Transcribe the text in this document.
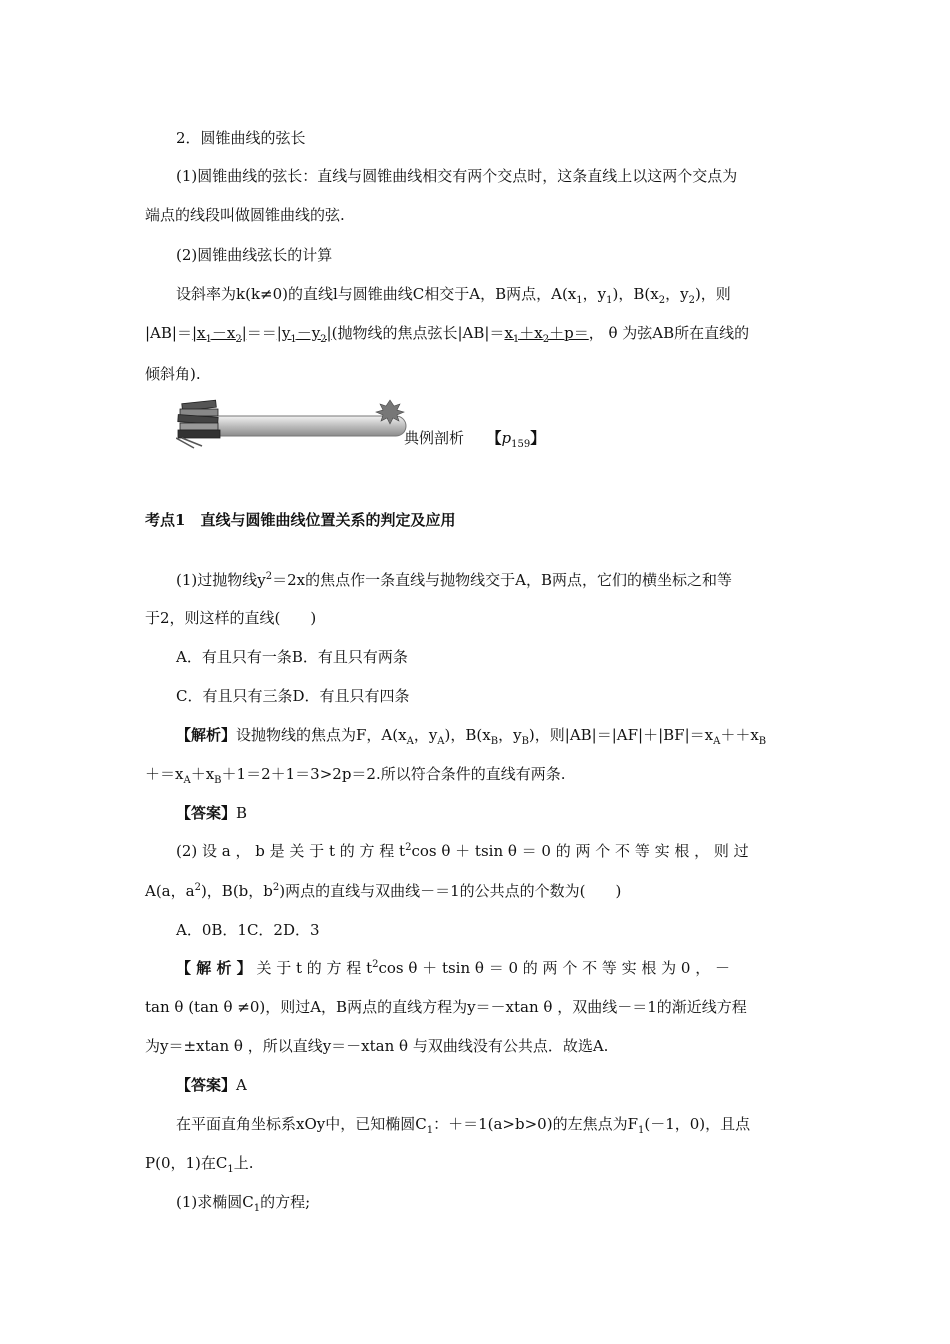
2．圆锥曲线的弦长
(1)圆锥曲线的弦长：直线与圆锥曲线相交有两个交点时，这条直线上以这两个交点为
端点的线段叫做圆锥曲线的弦.
(2)圆锥曲线弦长的计算
设斜率为k(k≠0)的直线l与圆锥曲线C相交于A，B两点，$A(x_1$，$y_1$)，$B(x_2$，$y_2$)，则
$|AB|=|x_1-x_2|==|y_1-y_2|$(抛物线的焦点弦长$|AB|=x_1+x_2+p=$， θ 为弦AB所在直线的
倾斜角).
典例剖析　　 【$p_{159}$】
考点1　 直线与圆锥曲线位置关系的判定及应用
(1)过抛物线$y^2=2x$的焦点作一条直线与抛物线交于A，B两点，它们的横坐标之和等
于2，则这样的直线(　　)
A．有且只有一条B．有且只有两条
C．有且只有三条D．有且只有四条
【解析】设抛物线的焦点为F，$A(x_A$，$y_A$)，$B(x_B$，$y_B$)，则$|AB|=|AF|+|BF|=x_A++x_B$
$+=x_A+x_B+1=2+1=3>2p=2$.所以符合条件的直线有两条.
【答案】B
(2) 设 a ， b 是 关 于 t 的 方 程 $t^2\cos$ θ ＋ tsin θ ＝ 0 的 两 个 不 等 实 根 ， 则 过
A(a，$a^2$)，B(b，$b^2$)两点的直线与双曲线－＝1的公共点的个数为(　　)
A．0B．1C．2D．3
【 解 析 】 关 于 t 的 方 程 $t^2\cos$ θ ＋ tsin θ ＝ 0 的 两 个 不 等 实 根 为 0 ， －
tan θ (tan θ ≠0)，则过A，B两点的直线方程为y＝－xtan θ ，双曲线－＝1的渐近线方程
为y＝±xtan θ ，所以直线y＝－xtan θ 与双曲线没有公共点．故选A.
【答案】A
在平面直角坐标系xOy中，已知椭圆$C_1$：＋＝1(a>b>0)的左焦点为$F_1(-1$，0)，且点
P(0，1)在$C_1$上.
(1)求椭圆$C_1$的方程;
